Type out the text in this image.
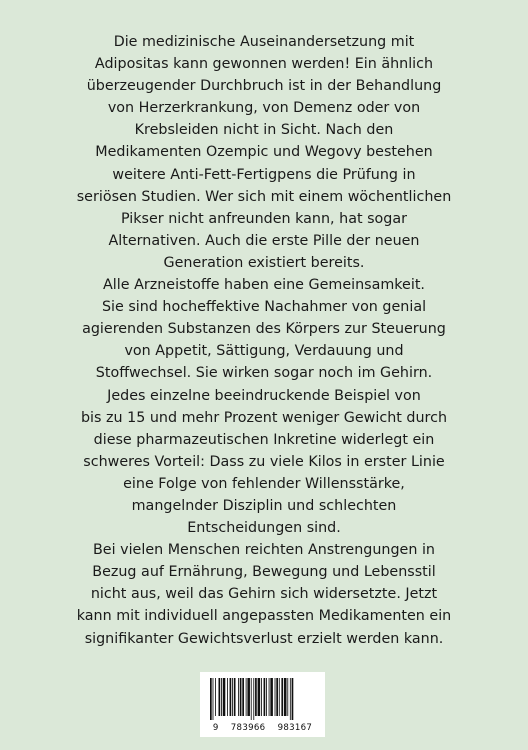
Die medizinische Auseinandersetzung mit
Adipositas kann gewonnen werden! Ein ähnlich
überzeugender Durchbruch ist in der Behandlung
von Herzerkrankung, von Demenz oder von
Krebsleiden nicht in Sicht. Nach den
Medikamenten Ozempic und Wegovy bestehen
weitere Anti-Fett-Fertigpens die Prüfung in
seriösen Studien. Wer sich mit einem wöchentlichen
Pikser nicht anfreunden kann, hat sogar
Alternativen. Auch die erste Pille der neuen
Generation existiert bereits.
Alle Arzneistoffe haben eine Gemeinsamkeit.
Sie sind hocheffektive Nachahmer von genial
agierenden Substanzen des Körpers zur Steuerung
von Appetit, Sättigung, Verdauung und
Stoffwechsel. Sie wirken sogar noch im Gehirn.
Jedes einzelne beeindruckende Beispiel von
bis zu 15 und mehr Prozent weniger Gewicht durch
diese pharmazeutischen Inkretine widerlegt ein
schweres Vorteil: Dass zu viele Kilos in erster Linie
eine Folge von fehlender Willensstärke,
mangelnder Disziplin und schlechten
Entscheidungen sind.
Bei vielen Menschen reichten Anstrengungen in
Bezug auf Ernährung, Bewegung und Lebensstil
nicht aus, weil das Gehirn sich widersetzte. Jetzt
kann mit individuell angepassten Medikamenten ein
signifikanter Gewichtsverlust erzielt werden kann.
9 783966 983167
